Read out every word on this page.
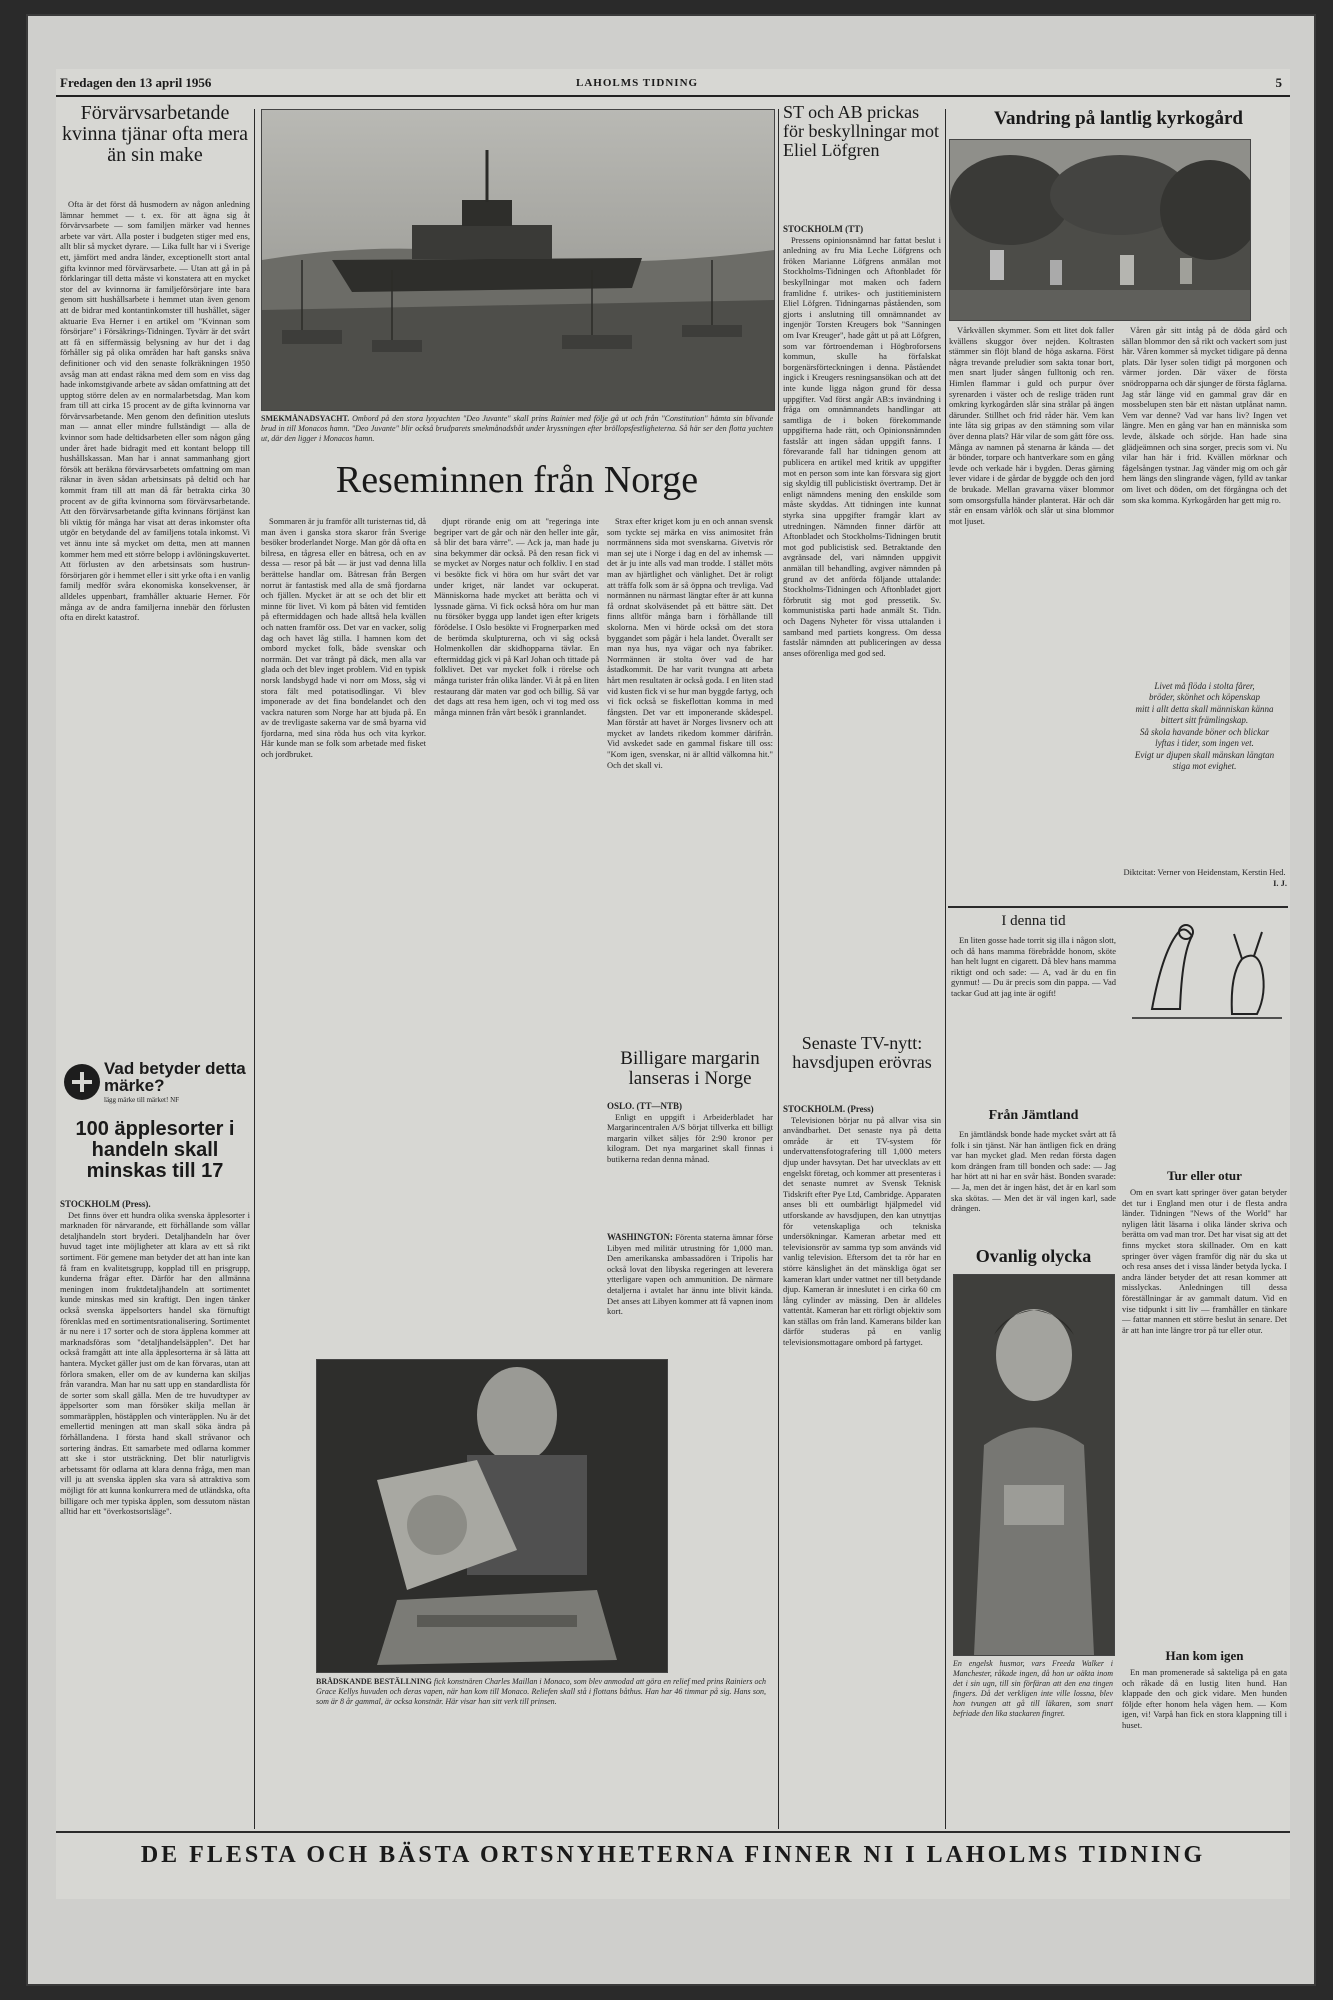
Fredagen den 13 april 1956	LAHOLMS TIDNING	5
Förvärvsarbetande kvinna tjänar ofta mera än sin make

Ofta är det först då husmodern av någon anledning lämnar hemmet — t. ex. för att ägna sig åt förvärvsarbete — som familjen märker vad hennes arbete var värt. Alla poster i budgeten stiger med ens, allt blir så mycket dyrare. — Lika fullt har vi i Sverige ett, jämfört med andra länder, exceptionellt stort antal gifta kvinnor med förvärvsarbete. — Utan att gå in på förklaringar till detta måste vi konstatera att en mycket stor del av kvinnorna är familjeförsörjare inte bara genom sitt hushållsarbete i hemmet utan även genom att de bidrar med kontantinkomster till hushållet, säger aktuarie Eva Herner i en artikel om "Kvinnan som försörjare" i Försäkrings-Tidningen. Tyvärr är det svårt att få en siffermässig belysning av hur det i dag förhåller sig på olika områden har haft gansks snäva definitioner och vid den senaste folkräkningen 1950 avsåg man att endast räkna med dem som en viss dag hade inkomstgivande arbete av sådan omfattning att det upptog större delen av en normalarbetsdag. Man kom fram till att cirka 15 procent av de gifta kvinnorna var förvärvsarbetande. Men genom den definition utesluts man — annat eller mindre fullständigt — alla de kvinnor som hade deltidsarbeten eller som någon gång under året hade bidragit med ett kontant belopp till hushållskassan. Man har i annat sammanhang gjort försök att beräkna förvärvsarbetets omfattning om man räknar in även sådan arbetsinsats på deltid och har kommit fram till att man då får betrakta cirka 30 procent av de gifta kvinnorna som förvärvsarbetande. Att den förvärvsarbetande gifta kvinnans förtjänst kan bli viktig för många har visat att deras inkomster ofta utgör en betydande del av familjens totala inkomst. Vi vet ännu inte så mycket om detta, men att mannen kommer hem med ett större belopp i avlöningskuvertet. Att förlusten av den arbetsinsats som hustrun-försörjaren gör i hemmet eller i sitt yrke ofta i en vanlig familj medför svåra ekonomiska konsekvenser, är alldeles uppenbart, framhåller aktuarie Herner. För många av de andra familjerna innebär den förlusten ofta en direkt katastrof.

Vad betyder detta märke?
lägg märke till märket! NF
100 äpplesorter i handeln skall minskas till 17
STOCKHOLM (Press).

Det finns över ett hundra olika svenska äpplesorter i marknaden för närvarande, ett förhållande som vållar detaljhandeln stort bryderi. Detaljhandeln har över huvud taget inte möjligheter att klara av ett så rikt sortiment. För gemene man betyder det att han inte kan få fram en kvalitetsgrupp, kopplad till en prisgrupp, kunderna frågar efter. Därför har den allmänna meningen inom fruktdetaljhandeln att sortimentet kunde minskas med sin kraftigt. Den ingen tänker också svenska äppelsorters handel ska förnuftigt förenklas med en sortimentsrationalisering. Sortimentet är nu nere i 17 sorter och de stora äpplena kommer att marknadsföras som "detaljhandelsäpplen". Det har också framgått att inte alla äpplesorterna är så lätta att hantera. Mycket gäller just om de kan förvaras, utan att förlora smaken, eller om de av kunderna kan skiljas från varandra. Man har nu satt upp en standardlista för de sorter som skall gälla. Men de tre huvudtyper av äppelsorter som man försöker skilja mellan är sommaräpplen, höstäpplen och vinteräpplen. Nu är det emellertid meningen att man skall söka ändra på förhållandena. I första hand skall stråvanor och sortering ändras. Ett samarbete med odlarna kommer att ske i stor utsträckning. Det blir naturligtvis arbetssamt för odlarna att klara denna fråga, men man vill ju att svenska äpplen ska vara så attraktiva som möjligt för att kunna konkurrera med de utländska, ofta billigare och mer typiska äpplen, som dessutom nästan alltid har ett "överkostsortsläge".

SMEKMÅNADSYACHT. Ombord på den stora lyxyachten "Deo Juvante" skall prins Rainier med följe gå ut och från "Constitution" hämta sin blivande brud in till Monacos hamn. "Deo Juvante" blir också brudparets smekmånadsbåt under kryssningen efter bröllopsfestligheterna. Så här ser den flotta yachten ut, där den ligger i Monacos hamn.
Reseminnen från Norge

Sommaren är ju framför allt turisternas tid, då man även i ganska stora skaror från Sverige besöker broderlandet Norge. Man gör då ofta en bilresa, en tågresa eller en båtresa, och en av dessa — resor på båt — är just vad denna lilla berättelse handlar om. Båtresan från Bergen norrut är fantastisk med alla de små fjordarna och fjällen. Mycket är att se och det blir ett minne för livet. Vi kom på båten vid femtiden på eftermiddagen och hade alltså hela kvällen och natten framför oss. Det var en vacker, solig dag och havet låg stilla. I hamnen kom det ombord mycket folk, både svenskar och norrmän. Det var trångt på däck, men alla var glada och det blev inget problem. Vid en typisk norsk landsbygd hade vi norr om Moss, såg vi stora fält med potatisodlingar. Vi blev imponerade av det fina bondelandet och den vackra naturen som Norge har att bjuda på. En av de trevligaste sakerna var de små byarna vid fjordarna, med sina röda hus och vita kyrkor. Här kunde man se folk som arbetade med fisket och jordbruket.

djupt rörande enig om att "regeringa inte begriper vart de går och när den heller inte går, så blir det bara värre". — Ack ja, man hade ju sina bekymmer där också. På den resan fick vi se mycket av Norges natur och folkliv. I en stad vi besökte fick vi höra om hur svårt det var under kriget, när landet var ockuperat. Människorna hade mycket att berätta och vi lyssnade gärna. Vi fick också höra om hur man nu försöker bygga upp landet igen efter krigets förödelse. I Oslo besökte vi Frognerparken med de berömda skulpturerna, och vi såg också Holmenkollen där skidhopparna tävlar. En eftermiddag gick vi på Karl Johan och tittade på folklivet. Det var mycket folk i rörelse och många turister från olika länder. Vi åt på en liten restaurang där maten var god och billig. Så var det dags att resa hem igen, och vi tog med oss många minnen från vårt besök i grannlandet.

Strax efter kriget kom ju en och annan svensk som tyckte sej märka en viss animositet från norrmännens sida mot svenskarna. Givetvis rör man sej ute i Norge i dag en del av inhemsk — det är ju inte alls vad man trodde. I stället möts man av hjärtlighet och vänlighet. Det är roligt att träffa folk som är så öppna och trevliga. Vad normännen nu närmast längtar efter är att kunna få ordnat skolväsendet på ett bättre sätt. Det finns alltför många barn i förhållande till skolorna. Men vi hörde också om det stora byggandet som pågår i hela landet. Överallt ser man nya hus, nya vägar och nya fabriker. Norrmännen är stolta över vad de har åstadkommit. De har varit tvungna att arbeta hårt men resultaten är också goda. I en liten stad vid kusten fick vi se hur man byggde fartyg, och vi fick också se fiskeflottan komma in med fångsten. Det var ett imponerande skådespel. Man förstår att havet är Norges livsnerv och att mycket av landets rikedom kommer därifrån. Vid avskedet sade en gammal fiskare till oss: "Kom igen, svenskar, ni är alltid välkomna hit." Och det skall vi.

Billigare margarin lanseras i Norge
OSLO. (TT—NTB)

Enligt en uppgift i Arbeiderbladet har Margarincentralen A/S börjat tillverka ett billigt margarin vilket säljes för 2:90 kronor per kilogram. Det nya margarinet skall finnas i butikerna redan denna månad.

WASHINGTON: Förenta staterna ämnar förse Libyen med militär utrustning för 1,000 man. Den amerikanska ambassadören i Tripolis har också lovat den libyska regeringen att leverera ytterligare vapen och ammunition. De närmare detaljerna i avtalet har ännu inte blivit kända. Det anses att Libyen kommer att få vapnen inom kort.
BRÅDSKANDE BESTÄLLNING fick konstnären Charles Maillan i Monaco, som blev anmodad att göra en relief med prins Rainiers och Grace Kellys huvuden och deras vapen, när han kom till Monaco. Reliefen skall stå i flottans båthus. Han har 46 timmar på sig. Hans son, som är 8 år gammal, är ocksa konstnär. Här visar han sitt verk till prinsen.
ST och AB prickas för beskyllningar mot Eliel Löfgren
STOCKHOLM (TT)

Pressens opinionsnämnd har fattat beslut i anledning av fru Mia Leche Löfgrens och fröken Marianne Löfgrens anmälan mot Stockholms-Tidningen och Aftonbladet för beskyllningar mot maken och fadern framlidne f. utrikes- och justitieministern Eliel Löfgren. Tidningarnas påståenden, som gjorts i anslutning till omnämnandet av ingenjör Torsten Kreugers bok "Sanningen om Ivar Kreuger", hade gått ut på att Löfgren, som var förtroendeman i Högbroforsens kommun, skulle ha förfalskat borgenärsförteckningen i denna. Påståendet ingick i Kreugers resningsansökan och att det inte kunde ligga någon grund för dessa uppgifter. Vad först angår AB:s invändning i fråga om omnämnandets handlingar att samtliga de i boken förekommande uppgifterna hade rätt, och Opinionsnämnden fastslår att ingen sådan uppgift fanns. I förevarande fall har tidningen genom att publicera en artikel med kritik av uppgifter mot en person som inte kan försvara sig gjort sig skyldig till publicistiskt övertramp. Det är enligt nämndens mening den enskilde som måste skyddas. Att tidningen inte kunnat styrka sina uppgifter framgår klart av utredningen. Nämnden finner därför att Aftonbladet och Stockholms-Tidningen brutit mot god publicistisk sed. Betraktande den avgränsade del, vari nämnden uppgivit anmälan till behandling, avgiver nämnden på grund av det anförda följande uttalande: Stockholms-Tidningen och Aftonbladet gjort förbrutit sig mot god pressetik. Sv. kommunistiska parti hade anmält St. Tidn. och Dagens Nyheter för vissa uttalanden i samband med partiets kongress. Om dessa fastslår nämnden att publiceringen av dessa anses oförenliga med god sed.

Senaste TV-nytt: havsdjupen erövras
STOCKHOLM. (Press)

Televisionen börjar nu på allvar visa sin användbarhet. Det senaste nya på detta område är ett TV-system för undervattensfotografering till 1,000 meters djup under havsytan. Det har utvecklats av ett engelskt företag, och kommer att presenteras i det senaste numret av Svensk Teknisk Tidskrift efter Pye Ltd, Cambridge. Apparaten anses bli ett oumbärligt hjälpmedel vid utforskande av havsdjupen, den kan utnyttjas för vetenskapliga och tekniska undersökningar. Kameran arbetar med ett televisionsrör av samma typ som används vid vanlig television. Eftersom det ta rör har en större känslighet än det mänskliga ögat ser kameran klart under vattnet ner till betydande djup. Kameran är inneslutet i en cirka 60 cm lång cylinder av mässing. Den är alldeles vattentät. Kameran har ett rörligt objektiv som kan ställas om från land. Kamerans bilder kan därför studeras på en vanlig televisionsmottagare ombord på fartyget.

Vandring på lantlig kyrkogård

Vårkvällen skymmer. Som ett litet dok faller kvällens skuggor över nejden. Koltrasten stämmer sin flöjt bland de höga askarna. Först några trevande preludier som sakta tonar bort, men snart ljuder sången fulltonig och ren. Himlen flammar i guld och purpur över syrenarden i väster och de reslige träden runt omkring kyrkogården slår sina strålar på ängen därunder. Stillhet och frid råder här. Vem kan inte låta sig gripas av den stämning som vilar över denna plats? Här vilar de som gått före oss. Många av namnen på stenarna är kända — det är bönder, torpare och hantverkare som en gång levde och verkade här i bygden. Deras gärning lever vidare i de gårdar de byggde och den jord de brukade. Mellan gravarna växer blommor som omsorgsfulla händer planterat. Här och där står en ensam vårlök och slår ut sina blommor mot ljuset.

Våren går sitt intåg på de döda gård och sällan blommor den så rikt och vackert som just här. Våren kommer så mycket tidigare på denna plats. Där lyser solen tidigt på morgonen och värmer jorden. Där växer de första snödropparna och där sjunger de första fåglarna. Jag står länge vid en gammal grav där en mossbelupen sten bär ett nästan utplånat namn. Vem var denne? Vad var hans liv? Ingen vet längre. Men en gång var han en människa som levde, älskade och sörjde. Han hade sina glädjeämnen och sina sorger, precis som vi. Nu vilar han här i frid. Kvällen mörknar och fågelsången tystnar. Jag vänder mig om och går hem längs den slingrande vägen, fylld av tankar om livet och döden, om det förgångna och det som ska komma. Kyrkogården har gett mig ro.

Livet må flöda i stolta fårer,
bröder, skönhet och köpenskap
mitt i allt detta skall människan känna
bittert sitt främlingskap.
Så skola havande böner och blickar
lyftas i tider, som ingen vet.
Evigt ur djupen skall mänskan längtan
stiga mot evighet.

Diktcitat: Verner von Heidenstam, Kerstin Hed.
I. J.
I denna tid

En liten gosse hade torrit sig illa i någon slott, och då hans mamma förebrådde honom, sköte han helt lugnt en cigarett. Då blev hans mamma riktigt ond och sade: — A, vad är du en fin gynmut! — Du är precis som din pappa. — Vad tackar Gud att jag inte är ogift!

Från Jämtland

En jämtländsk bonde hade mycket svårt att få folk i sin tjänst. När han äntligen fick en dräng var han mycket glad. Men redan första dagen kom drängen fram till bonden och sade: — Jag har hört att ni har en svår häst. Bonden svarade: — Ja, men det är ingen häst, det är en karl som ska skötas. — Men det är väl ingen karl, sade drängen.

Ovanlig olycka
En engelsk husmor, vars Freeda Walker i Manchester, råkade ingen, då hon ur oäkta inom det i sin ugn, till sin förfäran att den ena tingen fingers. Då det verkligen inte ville lossna, blev hon tvungen att gå till läkaren, som snart befriade den lika stackaren fingret.
Tur eller otur

Om en svart katt springer över gatan betyder det tur i England men otur i de flesta andra länder. Tidningen "News of the World" har nyligen låtit läsarna i olika länder skriva och berätta om vad man tror. Det har visat sig att det finns mycket stora skillnader. Om en katt springer över vägen framför dig när du ska ut och resa anses det i vissa länder betyda lycka. I andra länder betyder det att resan kommer att misslyckas. Anledningen till dessa föreställningar är av gammalt datum. Vid en vise tidpunkt i sitt liv — framhåller en tänkare — fattar mannen ett större beslut än senare. Det är att han inte längre tror på tur eller otur.

Han kom igen

En man promenerade så sakteliga på en gata och råkade då en lustig liten hund. Han klappade den och gick vidare. Men hunden följde efter honom hela vägen hem. — Kom igen, vi! Varpå han fick en stora klappning till i huset.

DE FLESTA OCH BÄSTA ORTSNYHETERNA FINNER NI I LAHOLMS TIDNING
